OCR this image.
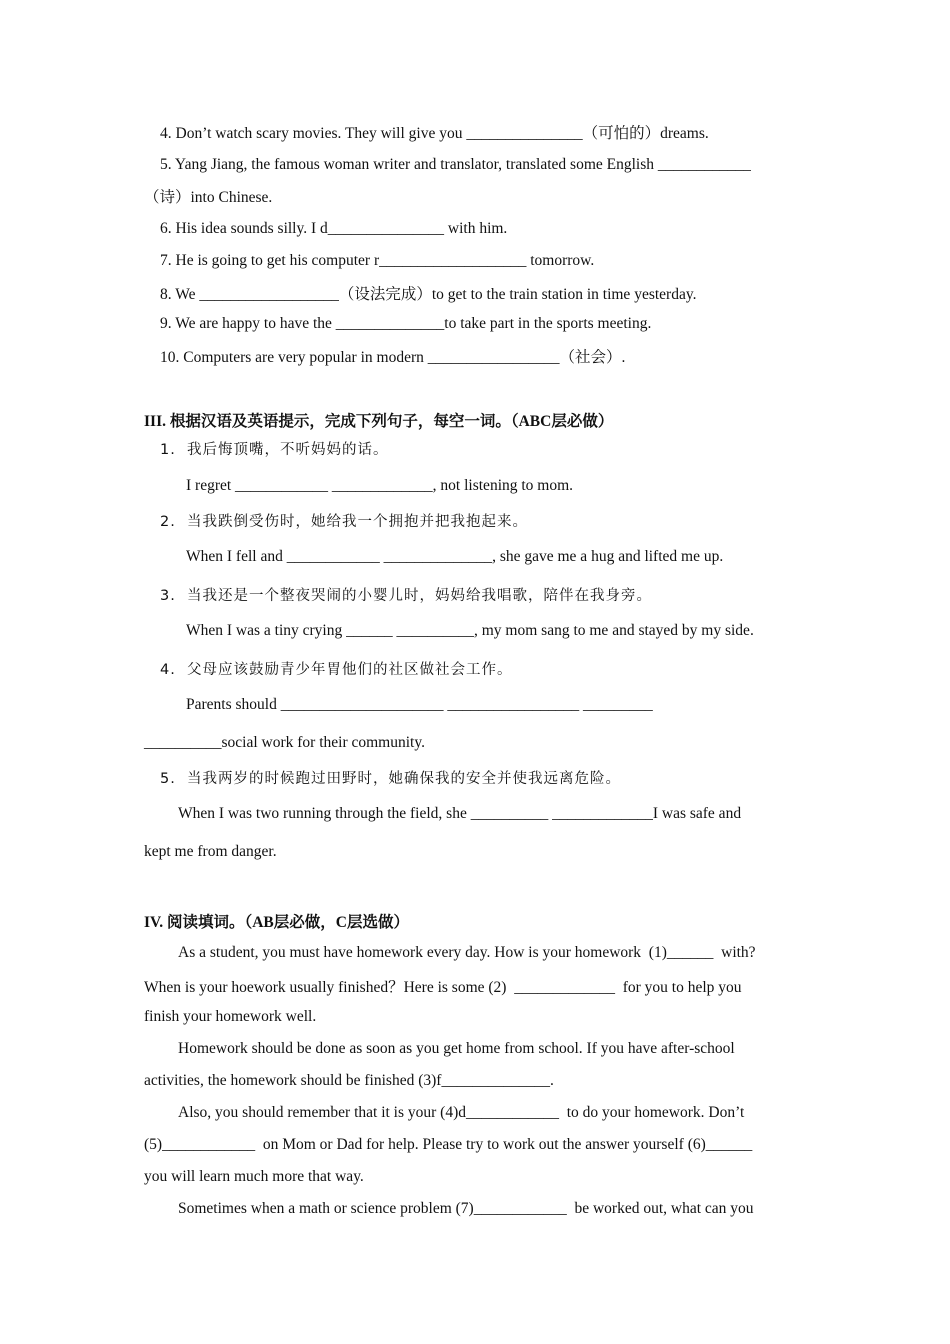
4. Don’t watch scary movies. They will give you _______________（可怕的）dreams.
5. Yang Jiang, the famous woman writer and translator, translated some English ____________
（诗）into Chinese.
6. His idea sounds silly. I d_______________ with him.
7. He is going to get his computer r___________________ tomorrow.
8. We __________________（设法完成）to get to the train station in time yesterday.
9. We are happy to have the ______________to take part in the sports meeting.
10. Computers are very popular in modern _________________（社会）.
III. 根据汉语及英语提示，完成下列句子，每空一词。（ABC层必做）
1.  我后悔顶嘴，不听妈妈的话。
I regret ____________ _____________, not listening to mom.
2.  当我跌倒受伤时，她给我一个拥抱并把我抱起来。
When I fell and ____________ ______________, she gave me a hug and lifted me up.
3.  当我还是一个整夜哭闹的小婴儿时，妈妈给我唱歌，陪伴在我身旁。
When I was a tiny crying ______ __________, my mom sang to me and stayed by my side.
4.  父母应该鼓励青少年胃他们的社区做社会工作。
Parents should _____________________ _________________ _________
__________social work for their community.
5.  当我两岁的时候跑过田野时，她确保我的安全并使我远离危险。
When I was two running through the field, she __________ _____________I was safe and
kept me from danger.
IV. 阅读填词。（AB层必做，C层选做）
As a student, you must have homework every day. How is your homework  (1)______  with?
When is your hoework usually finished？Here is some (2)  _____________  for you to help you
finish your homework well.
Homework should be done as soon as you get home from school. If you have after-school
activities, the homework should be finished (3)f______________.
Also, you should remember that it is your (4)d____________  to do your homework. Don’t
(5)____________  on Mom or Dad for help. Please try to work out the answer yourself (6)______
you will learn much more that way.
Sometimes when a math or science problem (7)____________  be worked out, what can you
